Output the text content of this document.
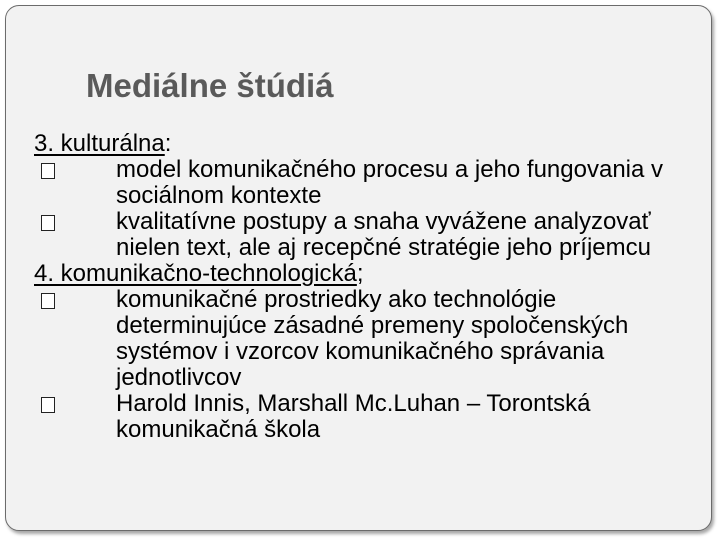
Mediálne štúdiá

3. kulturálna:

model komunikačného procesu a jeho fungovania v sociálnom kontexte
kvalitatívne postupy a snaha vyvážene analyzovať nielen text, ale aj recepčné stratégie jeho príjemcu

4. komunikačno-technologická;

komunikačné prostriedky ako technológie determinujúce zásadné premeny spoločenských systémov i vzorcov komunikačného správania jednotlivcov
Harold Innis, Marshall Mc.Luhan – Torontská komunikačná škola
